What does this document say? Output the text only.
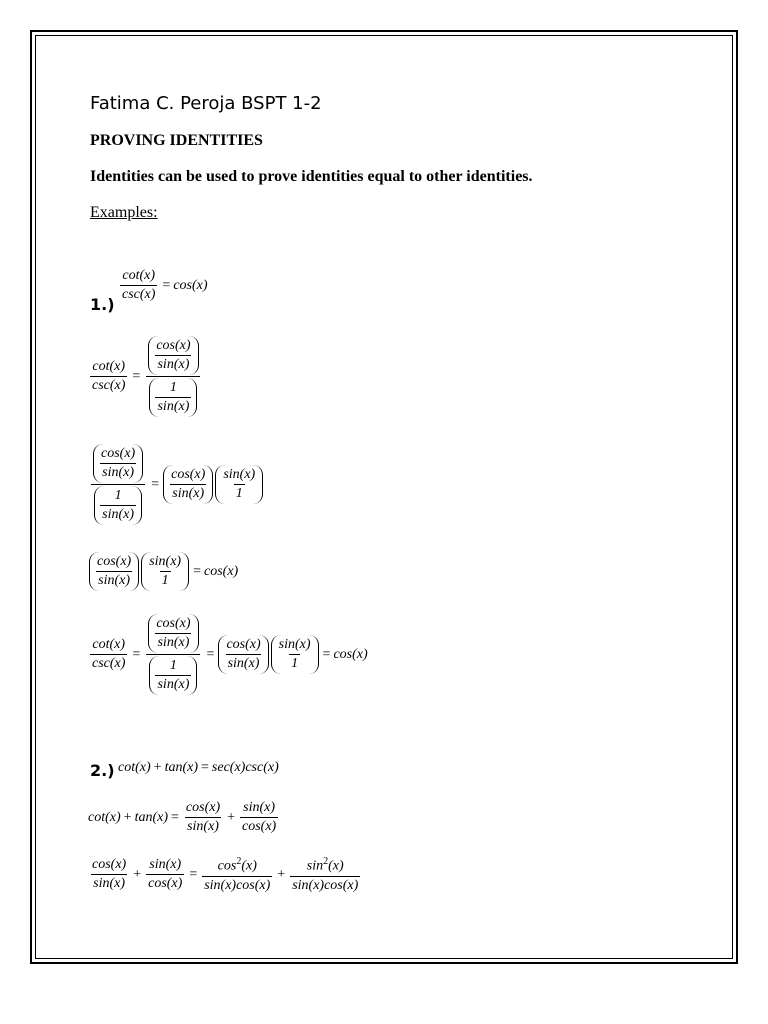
Fatima C. Peroja BSPT 1-2
PROVING IDENTITIES
Identities can be used to prove identities equal to other identities.
Examples:
1.)
$\frac{\cot(x)}{\csc(x)} = \cos(x)$
$\frac{\cot(x)}{\csc(x)} = \frac{\frac{\cos(x)}{\sin(x)}}{\frac{1}{\sin(x)}}$
$\frac{\frac{\cos(x)}{\sin(x)}}{\frac{1}{\sin(x)}} = \frac{\cos(x)}{\sin(x)} \frac{\sin(x)}{1}$
$\frac{\cos(x)}{\sin(x)} \frac{\sin(x)}{1} = \cos(x)$
$\frac{\cot(x)}{\csc(x)} = \frac{\frac{\cos(x)}{\sin(x)}}{\frac{1}{\sin(x)}} = \frac{\cos(x)}{\sin(x)} \frac{\sin(x)}{1} = \cos(x)$
2.) cot(x) + tan(x) = sec(x) csc(x)
$\cot(x) + \tan(x) = \frac{\cos(x)}{\sin(x)} + \frac{\sin(x)}{\cos(x)}$
$\frac{\cos(x)}{\sin(x)} + \frac{\sin(x)}{\cos(x)} = \frac{\cos^2(x)}{\sin(x)\cos(x)} + \frac{\sin^2(x)}{\sin(x)\cos(x)}$
